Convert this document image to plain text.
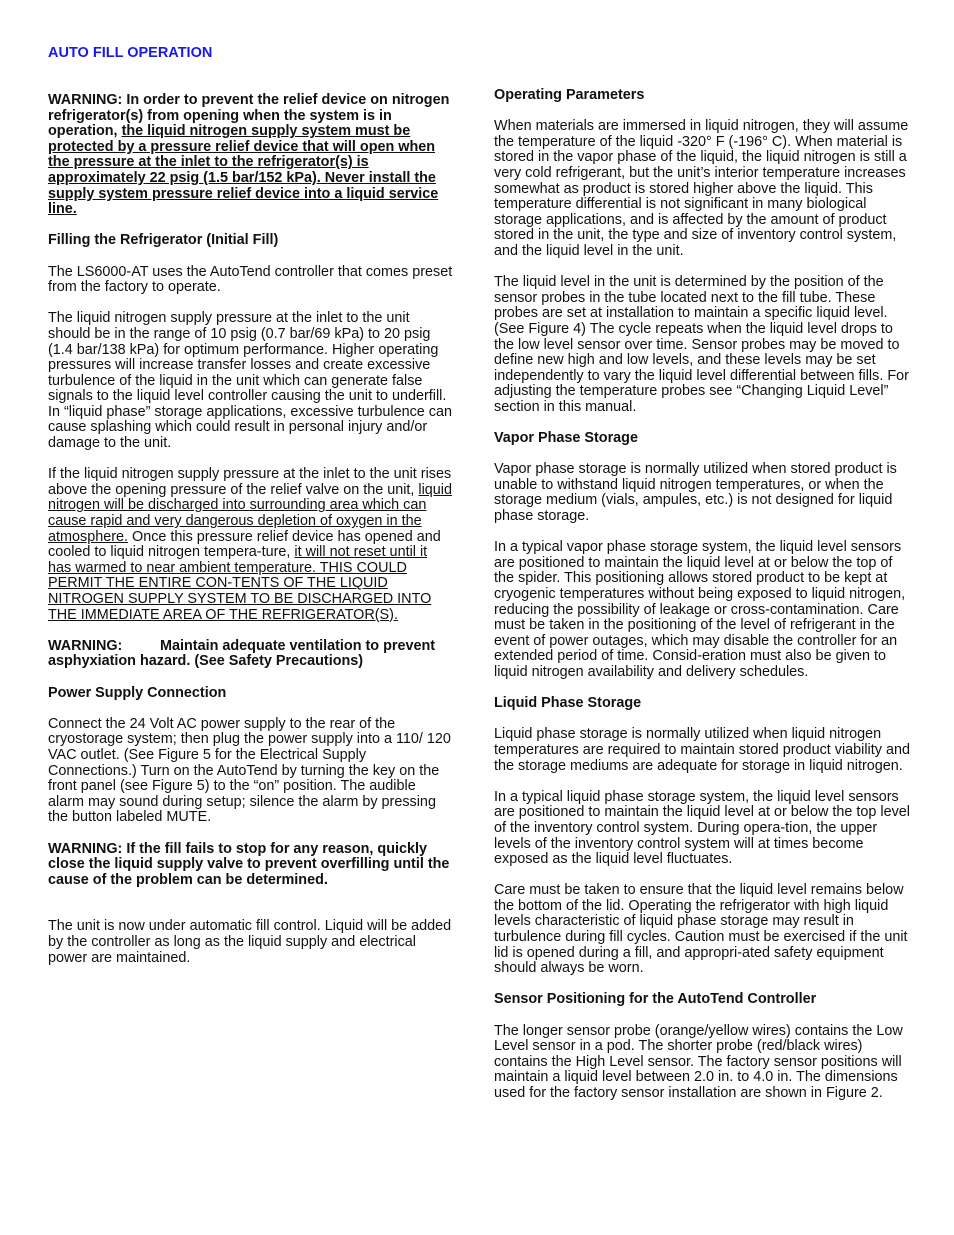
AUTO FILL OPERATION

WARNING: In order to prevent the relief device on nitrogen refrigerator(s) from opening when the system is in operation, the liquid nitrogen supply system must be protected by a pressure relief device that will open when the pressure at the inlet to the refrigerator(s) is approximately 22 psig (1.5 bar/152 kPa). Never install the supply system pressure relief device into a liquid service line.

Filling the Refrigerator (Initial Fill)

The LS6000-AT uses the AutoTend controller that comes preset from the factory to operate.

The liquid nitrogen supply pressure at the inlet to the unit should be in the range of 10 psig (0.7 bar/69 kPa) to 20 psig (1.4 bar/138 kPa) for optimum performance. Higher operating pressures will increase transfer losses and create excessive turbulence of the liquid in the unit which can generate false signals to the liquid level controller causing the unit to underfill. In “liquid phase” storage applications, excessive turbulence can cause splashing which could result in personal injury and/or damage to the unit.

If the liquid nitrogen supply pressure at the inlet to the unit rises above the opening pressure of the relief valve on the unit, liquid nitrogen will be discharged into surrounding area which can cause rapid and very dangerous depletion of oxygen in the atmosphere. Once this pressure relief device has opened and cooled to liquid nitrogen tempera-ture, it will not reset until it has warmed to near ambient temperature. THIS COULD PERMIT THE ENTIRE CON-TENTS OF THE LIQUID NITROGEN SUPPLY SYSTEM TO BE DISCHARGED INTO THE IMMEDIATE AREA OF THE REFRIGERATOR(S).

WARNING:	Maintain adequate ventilation to prevent asphyxiation hazard. (See Safety Precautions)

Power Supply Connection

Connect the 24 Volt AC power supply to the rear of the cryostorage system; then plug the power supply into a 110/ 120 VAC outlet. (See Figure 5 for the Electrical Supply Connections.) Turn on the AutoTend by turning the key on the front panel (see Figure 5) to the “on” position. The audible alarm may sound during setup; silence the alarm by pressing the button labeled MUTE.

WARNING: If the fill fails to stop for any reason, quickly close the liquid supply valve to prevent overfilling until the cause of the problem can be determined.

The unit is now under automatic fill control. Liquid will be added by the controller as long as the liquid supply and electrical power are maintained.

Operating Parameters

When materials are immersed in liquid nitrogen, they will assume the temperature of the liquid -320° F (-196° C). When material is stored in the vapor phase of the liquid, the liquid nitrogen is still a very cold refrigerant, but the unit’s interior temperature increases somewhat as product is stored higher above the liquid. This temperature differential is not significant in many biological storage applications, and is affected by the amount of product stored in the unit, the type and size of inventory control system, and the liquid level in the unit.

The liquid level in the unit is determined by the position of the sensor probes in the tube located next to the fill tube. These probes are set at installation to maintain a specific liquid level. (See Figure 4) The cycle repeats when the liquid level drops to the low level sensor over time. Sensor probes may be moved to define new high and low levels, and these levels may be set independently to vary the liquid level differential between fills. For adjusting the temperature probes see “Changing Liquid Level” section in this manual.

Vapor Phase Storage

Vapor phase storage is normally utilized when stored product is unable to withstand liquid nitrogen temperatures, or when the storage medium (vials, ampules, etc.) is not designed for liquid phase storage.

In a typical vapor phase storage system, the liquid level sensors are positioned to maintain the liquid level at or below the top of the spider. This positioning allows stored product to be kept at cryogenic temperatures without being exposed to liquid nitrogen, reducing the possibility of leakage or cross-contamination. Care must be taken in the positioning of the level of refrigerant in the event of power outages, which may disable the controller for an extended period of time. Consid-eration must also be given to liquid nitrogen availability and delivery schedules.

Liquid Phase Storage

Liquid phase storage is normally utilized when liquid nitrogen temperatures are required to maintain stored product viability and the storage mediums are adequate for storage in liquid nitrogen.

In a typical liquid phase storage system, the liquid level sensors are positioned to maintain the liquid level at or below the top level of the inventory control system. During opera-tion, the upper levels of the inventory control system will at times become exposed as the liquid level fluctuates.

Care must be taken to ensure that the liquid level remains below the bottom of the lid. Operating the refrigerator with high liquid levels characteristic of liquid phase storage may result in turbulence during fill cycles. Caution must be exercised if the unit lid is opened during a fill, and appropri-ated safety equipment should always be worn.

Sensor Positioning for the AutoTend Controller

The longer sensor probe (orange/yellow wires) contains the Low Level sensor in a pod. The shorter probe (red/black wires) contains the High Level sensor. The factory sensor positions will maintain a liquid level between 2.0 in. to 4.0 in. The dimensions used for the factory sensor installation are shown in Figure 2.
